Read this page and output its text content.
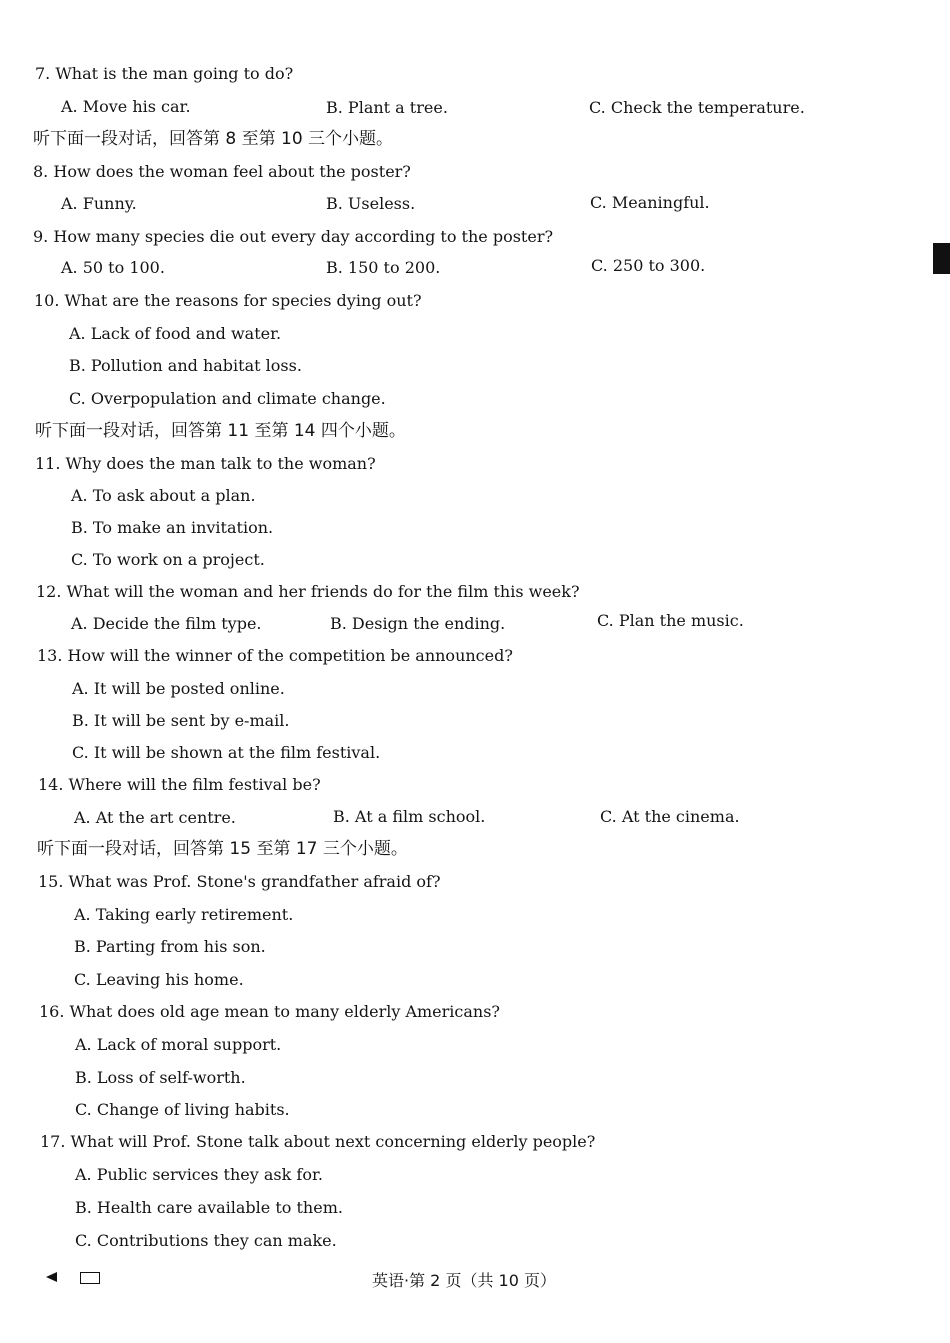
7. What is the man going to do?
A. Move his car.	B. Plant a tree.	C. Check the temperature.
听下面一段对话，回答第 8 至第 10 三个小题。
8. How does the woman feel about the poster?
A. Funny.	B. Useless.	C. Meaningful.
9. How many species die out every day according to the poster?
A. 50 to 100.	B. 150 to 200.	C. 250 to 300.
10. What are the reasons for species dying out?
A. Lack of food and water.
B. Pollution and habitat loss.
C. Overpopulation and climate change.
听下面一段对话，回答第 11 至第 14 四个小题。
11. Why does the man talk to the woman?
A. To ask about a plan.
B. To make an invitation.
C. To work on a project.
12. What will the woman and her friends do for the film this week?
A. Decide the film type.	B. Design the ending.	C. Plan the music.
13. How will the winner of the competition be announced?
A. It will be posted online.
B. It will be sent by e-mail.
C. It will be shown at the film festival.
14. Where will the film festival be?
A. At the art centre.	B. At a film school.	C. At the cinema.
听下面一段对话，回答第 15 至第 17 三个小题。
15. What was Prof. Stone's grandfather afraid of?
A. Taking early retirement.
B. Parting from his son.
C. Leaving his home.
16. What does old age mean to many elderly Americans?
A. Lack of moral support.
B. Loss of self-worth.
C. Change of living habits.
17. What will Prof. Stone talk about next concerning elderly people?
A. Public services they ask for.
B. Health care available to them.
C. Contributions they can make.
英语·第 2 页（共 10 页）
